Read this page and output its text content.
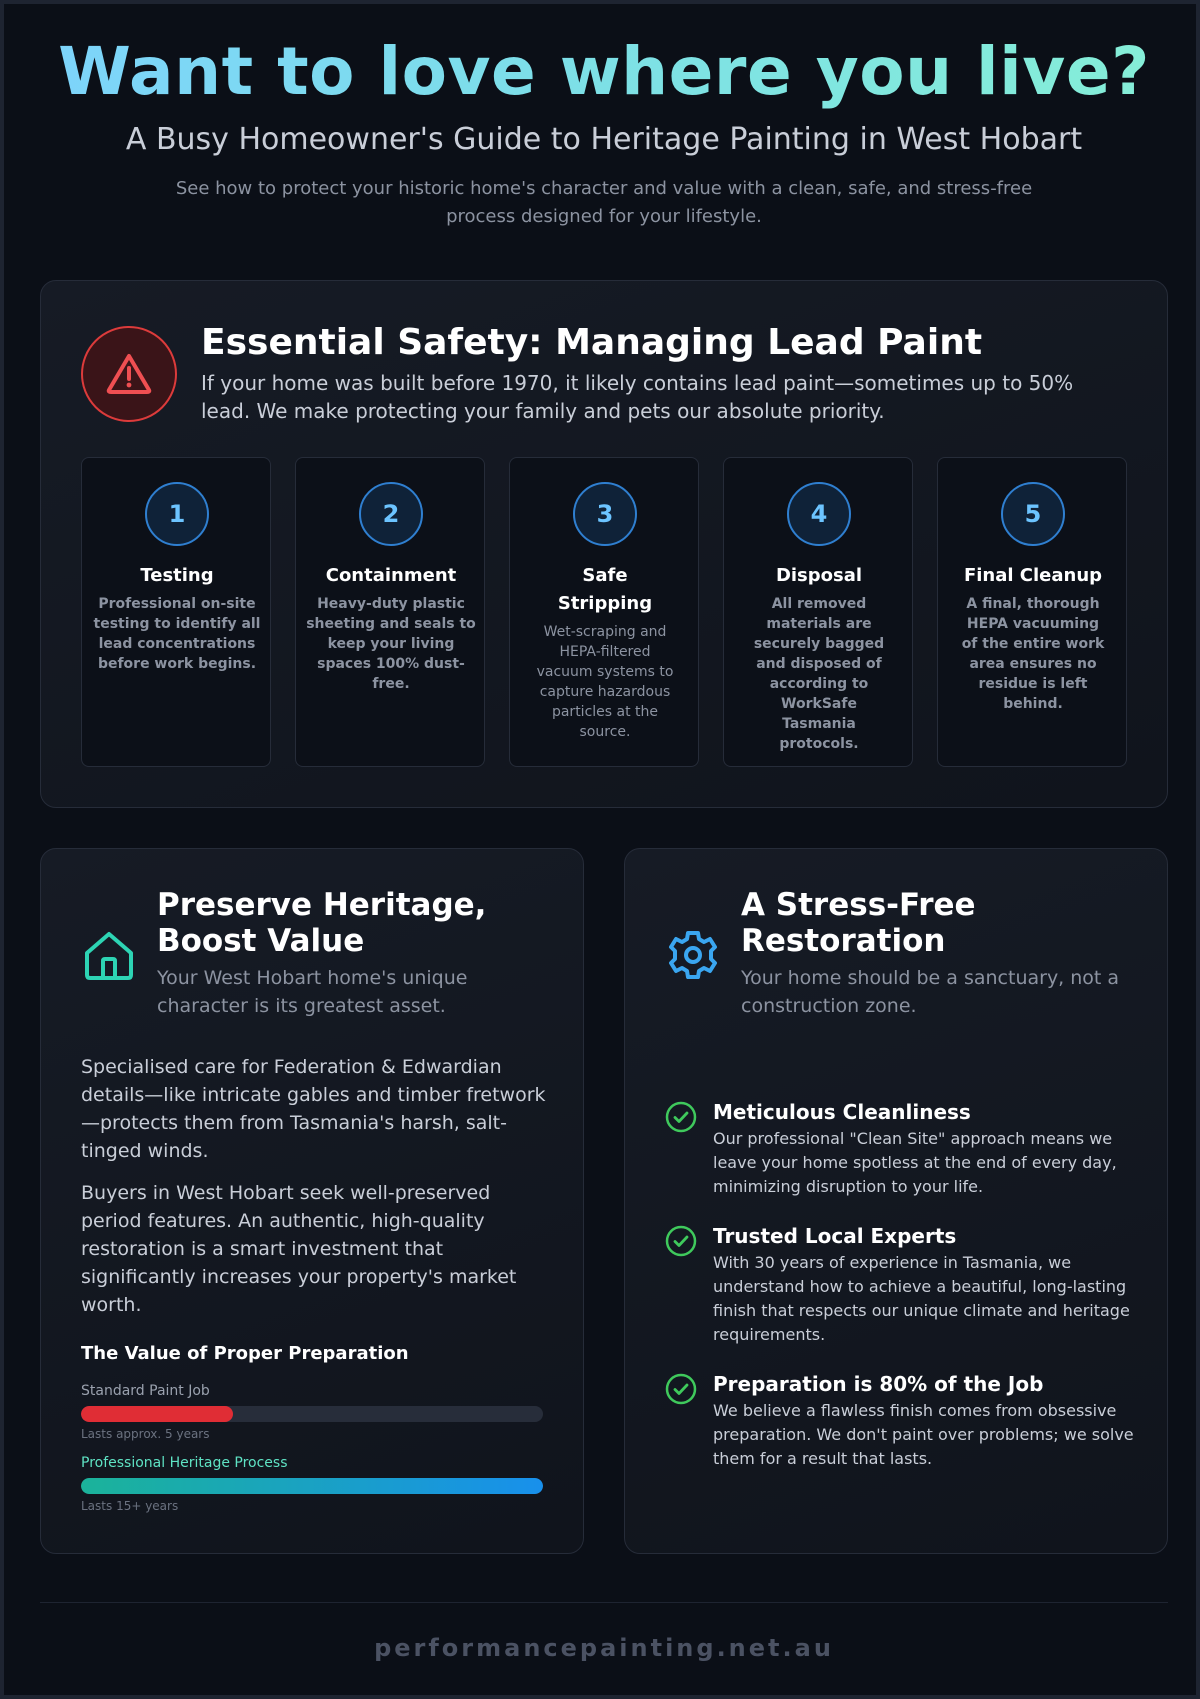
Want to love where you live?
A Busy Homeowner's Guide to Heritage Painting in West Hobart

See how to protect your historic home's character and value with a clean, safe, and stress-free process designed for your lifestyle.

Essential Safety: Managing Lead Paint

If your home was built before 1970, it likely contains lead paint—sometimes up to 50% lead. We make protecting your family and pets our absolute priority.

1
Testing
Professional on-site testing to identify all lead concentrations before work begins.
2
Containment
Heavy-duty plastic sheeting and seals to keep your living spaces 100% dust-free.
3
Safe Stripping
Wet-scraping and HEPA-filtered vacuum systems to capture hazardous particles at the source.
4
Disposal
All removed materials are securely bagged and disposed of according to WorkSafe Tasmania protocols.
5
Final Cleanup
A final, thorough HEPA vacuuming of the entire work area ensures no residue is left behind.
Preserve Heritage, Boost Value

Your West Hobart home's unique character is its greatest asset.

Specialised care for Federation & Edwardian details—like intricate gables and timber fretwork—protects them from Tasmania's harsh, salt-tinged winds.

Buyers in West Hobart seek well-preserved period features. An authentic, high-quality restoration is a smart investment that significantly increases your property's market worth.

The Value of Proper Preparation
Standard Paint Job
Lasts approx. 5 years
Professional Heritage Process
Lasts 15+ years
A Stress-Free Restoration

Your home should be a sanctuary, not a construction zone.

Meticulous Cleanliness
Our professional "Clean Site" approach means we leave your home spotless at the end of every day, minimizing disruption to your life.
Trusted Local Experts
With 30 years of experience in Tasmania, we understand how to achieve a beautiful, long-lasting finish that respects our unique climate and heritage requirements.
Preparation is 80% of the Job
We believe a flawless finish comes from obsessive preparation. We don't paint over problems; we solve them for a result that lasts.
performancepainting.net.au
